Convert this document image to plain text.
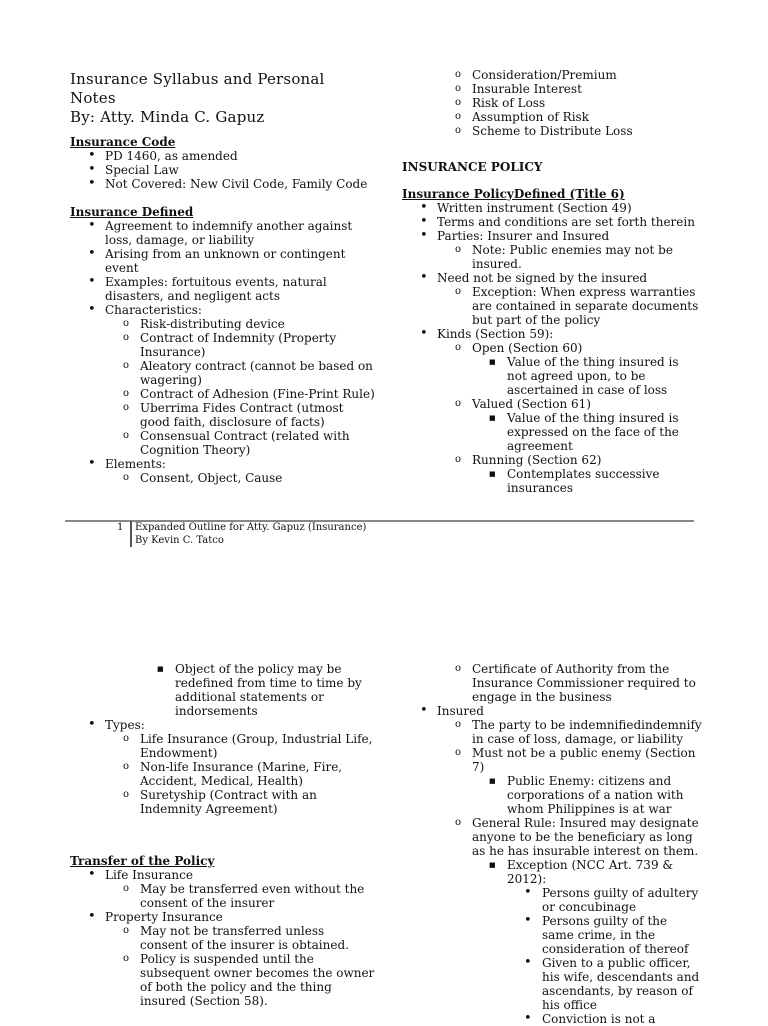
Insurance Syllabus and Personal
Notes
By: Atty. Minda C. Gapuz

Insurance Code

• PD 1460, as amended
• Special Law
• Not Covered: New Civil Code, Family Code

Insurance Defined

• Agreement to indemnify another against loss, damage, or liability
• Arising from an unknown or contingent event
• Examples: fortuitous events, natural disasters, and negligent acts
• Characteristics:
o Risk-distributing device
o Contract of Indemnity (Property Insurance)
o Aleatory contract (cannot be based on wagering)
o Contract of Adhesion (Fine-Print Rule)
o Uberrima Fides Contract (utmost good faith, disclosure of facts)
o Consensual Contract (related with Cognition Theory)
• Elements:
o Consent, Object, Cause
o Consideration/Premium
o Insurable Interest
o Risk of Loss
o Assumption of Risk
o Scheme to Distribute Loss

INSURANCE POLICY

Insurance PolicyDefined (Title 6)

• Written instrument (Section 49)
• Terms and conditions are set forth therein
• Parties: Insurer and Insured
o Note: Public enemies may not be insured.
• Need not be signed by the insured
o Exception: When express warranties are contained in separate documents but part of the policy
• Kinds (Section 59):
o Open (Section 60)
■ Value of the thing insured is not agreed upon, to be ascertained in case of loss
o Valued (Section 61)
■ Value of the thing insured is expressed on the face of the agreement
o Running (Section 62)
■ Contemplates successive insurances
1 Expanded Outline for Atty. Gapuz (Insurance)
By Kevin C. Tatco
■ Object of the policy may be redefined from time to time by additional statements or indorsements
• Types:
o Life Insurance (Group, Industrial Life, Endowment)
o Non-life Insurance (Marine, Fire, Accident, Medical, Health)
o Suretyship (Contract with an Indemnity Agreement)

Transfer of the Policy

• Life Insurance
o May be transferred even without the consent of the insurer
• Property Insurance
o May not be transferred unless consent of the insurer is obtained.
o Policy is suspended until the subsequent owner becomes the owner of both the policy and the thing insured (Section 58).
o Certificate of Authority from the Insurance Commissioner required to engage in the business
• Insured
o The party to be indemnifiedindemnify in case of loss, damage, or liability
o Must not be a public enemy (Section 7)
■ Public Enemy: citizens and corporations of a nation with whom Philippines is at war
o General Rule: Insured may designate anyone to be the beneficiary as long as he has insurable interest on them.
■ Exception (NCC Art. 739 & 2012):
• Persons guilty of adultery or concubinage
• Persons guilty of the same crime, in the consideration of thereof
• Given to a public officer, his wife, descendants and ascendants, by reason of his office
• Conviction is not a
